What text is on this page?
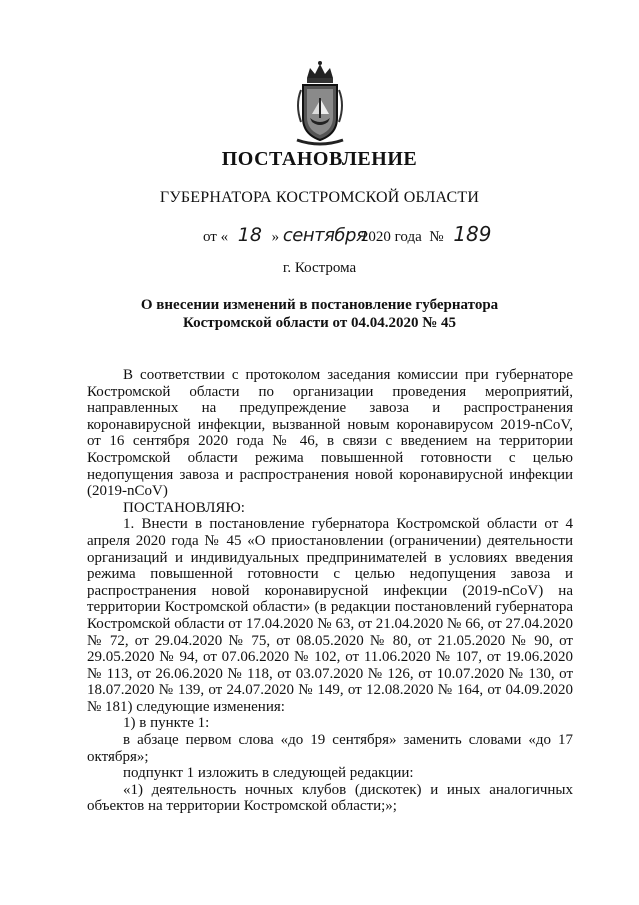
ПОСТАНОВЛЕНИЕ
ГУБЕРНАТОРА КОСТРОМСКОЙ ОБЛАСТИ
от « 18 » сентября2020 года  № 189
г. Кострома
О внесении изменений в постановление губернатора
Костромской области от 04.04.2020 № 45

В соответствии с протоколом заседания комиссии при губернаторе Костромской области по организации проведения мероприятий, направленных на предупреждение завоза и распространения коронавирусной инфекции, вызванной новым коронавирусом 2019-nCoV, от 16 сентября 2020 года № 46, в связи с введением на территории Костромской области режима повышенной готовности с целью недопущения завоза и распространения новой коронавирусной инфекции (2019-nCoV)

ПОСТАНОВЛЯЮ:

1. Внести в постановление губернатора Костромской области от 4 апреля 2020 года № 45 «О приостановлении (ограничении) деятельности организаций и индивидуальных предпринимателей в условиях введения режима повышенной готовности с целью недопущения завоза и распространения новой коронавирусной инфекции (2019-nCoV) на территории Костромской области» (в редакции постановлений губернатора Костромской области от 17.04.2020 № 63, от 21.04.2020 № 66, от 27.04.2020 № 72, от 29.04.2020 № 75, от 08.05.2020 № 80, от 21.05.2020 № 90, от 29.05.2020 № 94, от 07.06.2020 № 102, от 11.06.2020 № 107, от 19.06.2020 № 113, от 26.06.2020 № 118, от 03.07.2020 № 126, от 10.07.2020 № 130, от 18.07.2020 № 139, от 24.07.2020 № 149, от 12.08.2020 № 164, от 04.09.2020 № 181) следующие изменения:

1) в пункте 1:

в абзаце первом слова «до 19 сентября» заменить словами «до 17 октября»;

подпункт 1 изложить в следующей редакции:

«1) деятельность ночных клубов (дискотек) и иных аналогичных объектов на территории Костромской области;»;
